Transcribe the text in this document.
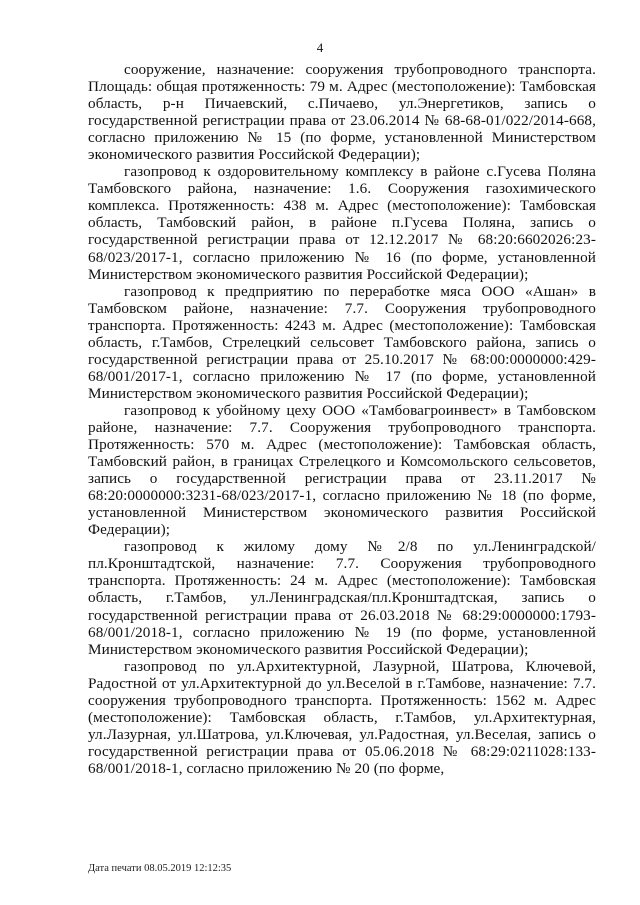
4

сооружение, назначение: сооружения трубопроводного транспорта. Площадь: общая протяженность: 79 м. Адрес (местоположение): Тамбовская область, р-н Пичаевский, с.Пичаево, ул.Энергетиков, запись о государственной регистрации права от 23.06.2014 № 68-68-01/022/2014-668, согласно приложению № 15 (по форме, установленной Министерством экономического развития Российской Федерации);

газопровод к оздоровительному комплексу в районе с.Гусева Поляна Тамбовского района, назначение: 1.6. Сооружения газохимического комплекса. Протяженность: 438 м. Адрес (местоположение): Тамбовская область, Тамбовский район, в районе п.Гусева Поляна, запись о государственной регистрации права от 12.12.2017 № 68:20:6602026:23-68/023/2017-1, согласно приложению № 16 (по форме, установленной Министерством экономического развития Российской Федерации);

газопровод к предприятию по переработке мяса ООО «Ашан» в Тамбовском районе, назначение: 7.7. Сооружения трубопроводного транспорта. Протяженность: 4243 м. Адрес (местоположение): Тамбовская область, г.Тамбов, Стрелецкий сельсовет Тамбовского района, запись о государственной регистрации права от 25.10.2017 № 68:00:0000000:429-68/001/2017-1, согласно приложению № 17 (по форме, установленной Министерством экономического развития Российской Федерации);

газопровод к убойному цеху ООО «Тамбовагроинвест» в Тамбовском районе, назначение: 7.7. Сооружения трубопроводного транспорта. Протяженность: 570 м. Адрес (местоположение): Тамбовская область, Тамбовский район, в границах Стрелецкого и Комсомольского сельсоветов, запись о государственной регистрации права от 23.11.2017 № 68:20:0000000:3231-68/023/2017-1, согласно приложению № 18 (по форме, установленной Министерством экономического развития Российской Федерации);

газопровод к жилому дому №2/8 по ул.Ленинградской/ пл.Кронштадтской, назначение: 7.7. Сооружения трубопроводного транспорта. Протяженность: 24 м. Адрес (местоположение): Тамбовская область, г.Тамбов, ул.Ленинградская/пл.Кронштадтская, запись о государственной регистрации права от 26.03.2018 № 68:29:0000000:1793-68/001/2018-1, согласно приложению № 19 (по форме, установленной Министерством экономического развития Российской Федерации);

газопровод по ул.Архитектурной, Лазурной, Шатрова, Ключевой, Радостной от ул.Архитектурной до ул.Веселой в г.Тамбове, назначение: 7.7. сооружения трубопроводного транспорта. Протяженность: 1562 м. Адрес (местоположение): Тамбовская область, г.Тамбов, ул.Архитектурная, ул.Лазурная, ул.Шатрова, ул.Ключевая, ул.Радостная, ул.Веселая, запись о государственной регистрации права от 05.06.2018 № 68:29:0211028:133-68/001/2018-1, согласно приложению № 20 (по форме,

Дата печати 08.05.2019 12:12:35
